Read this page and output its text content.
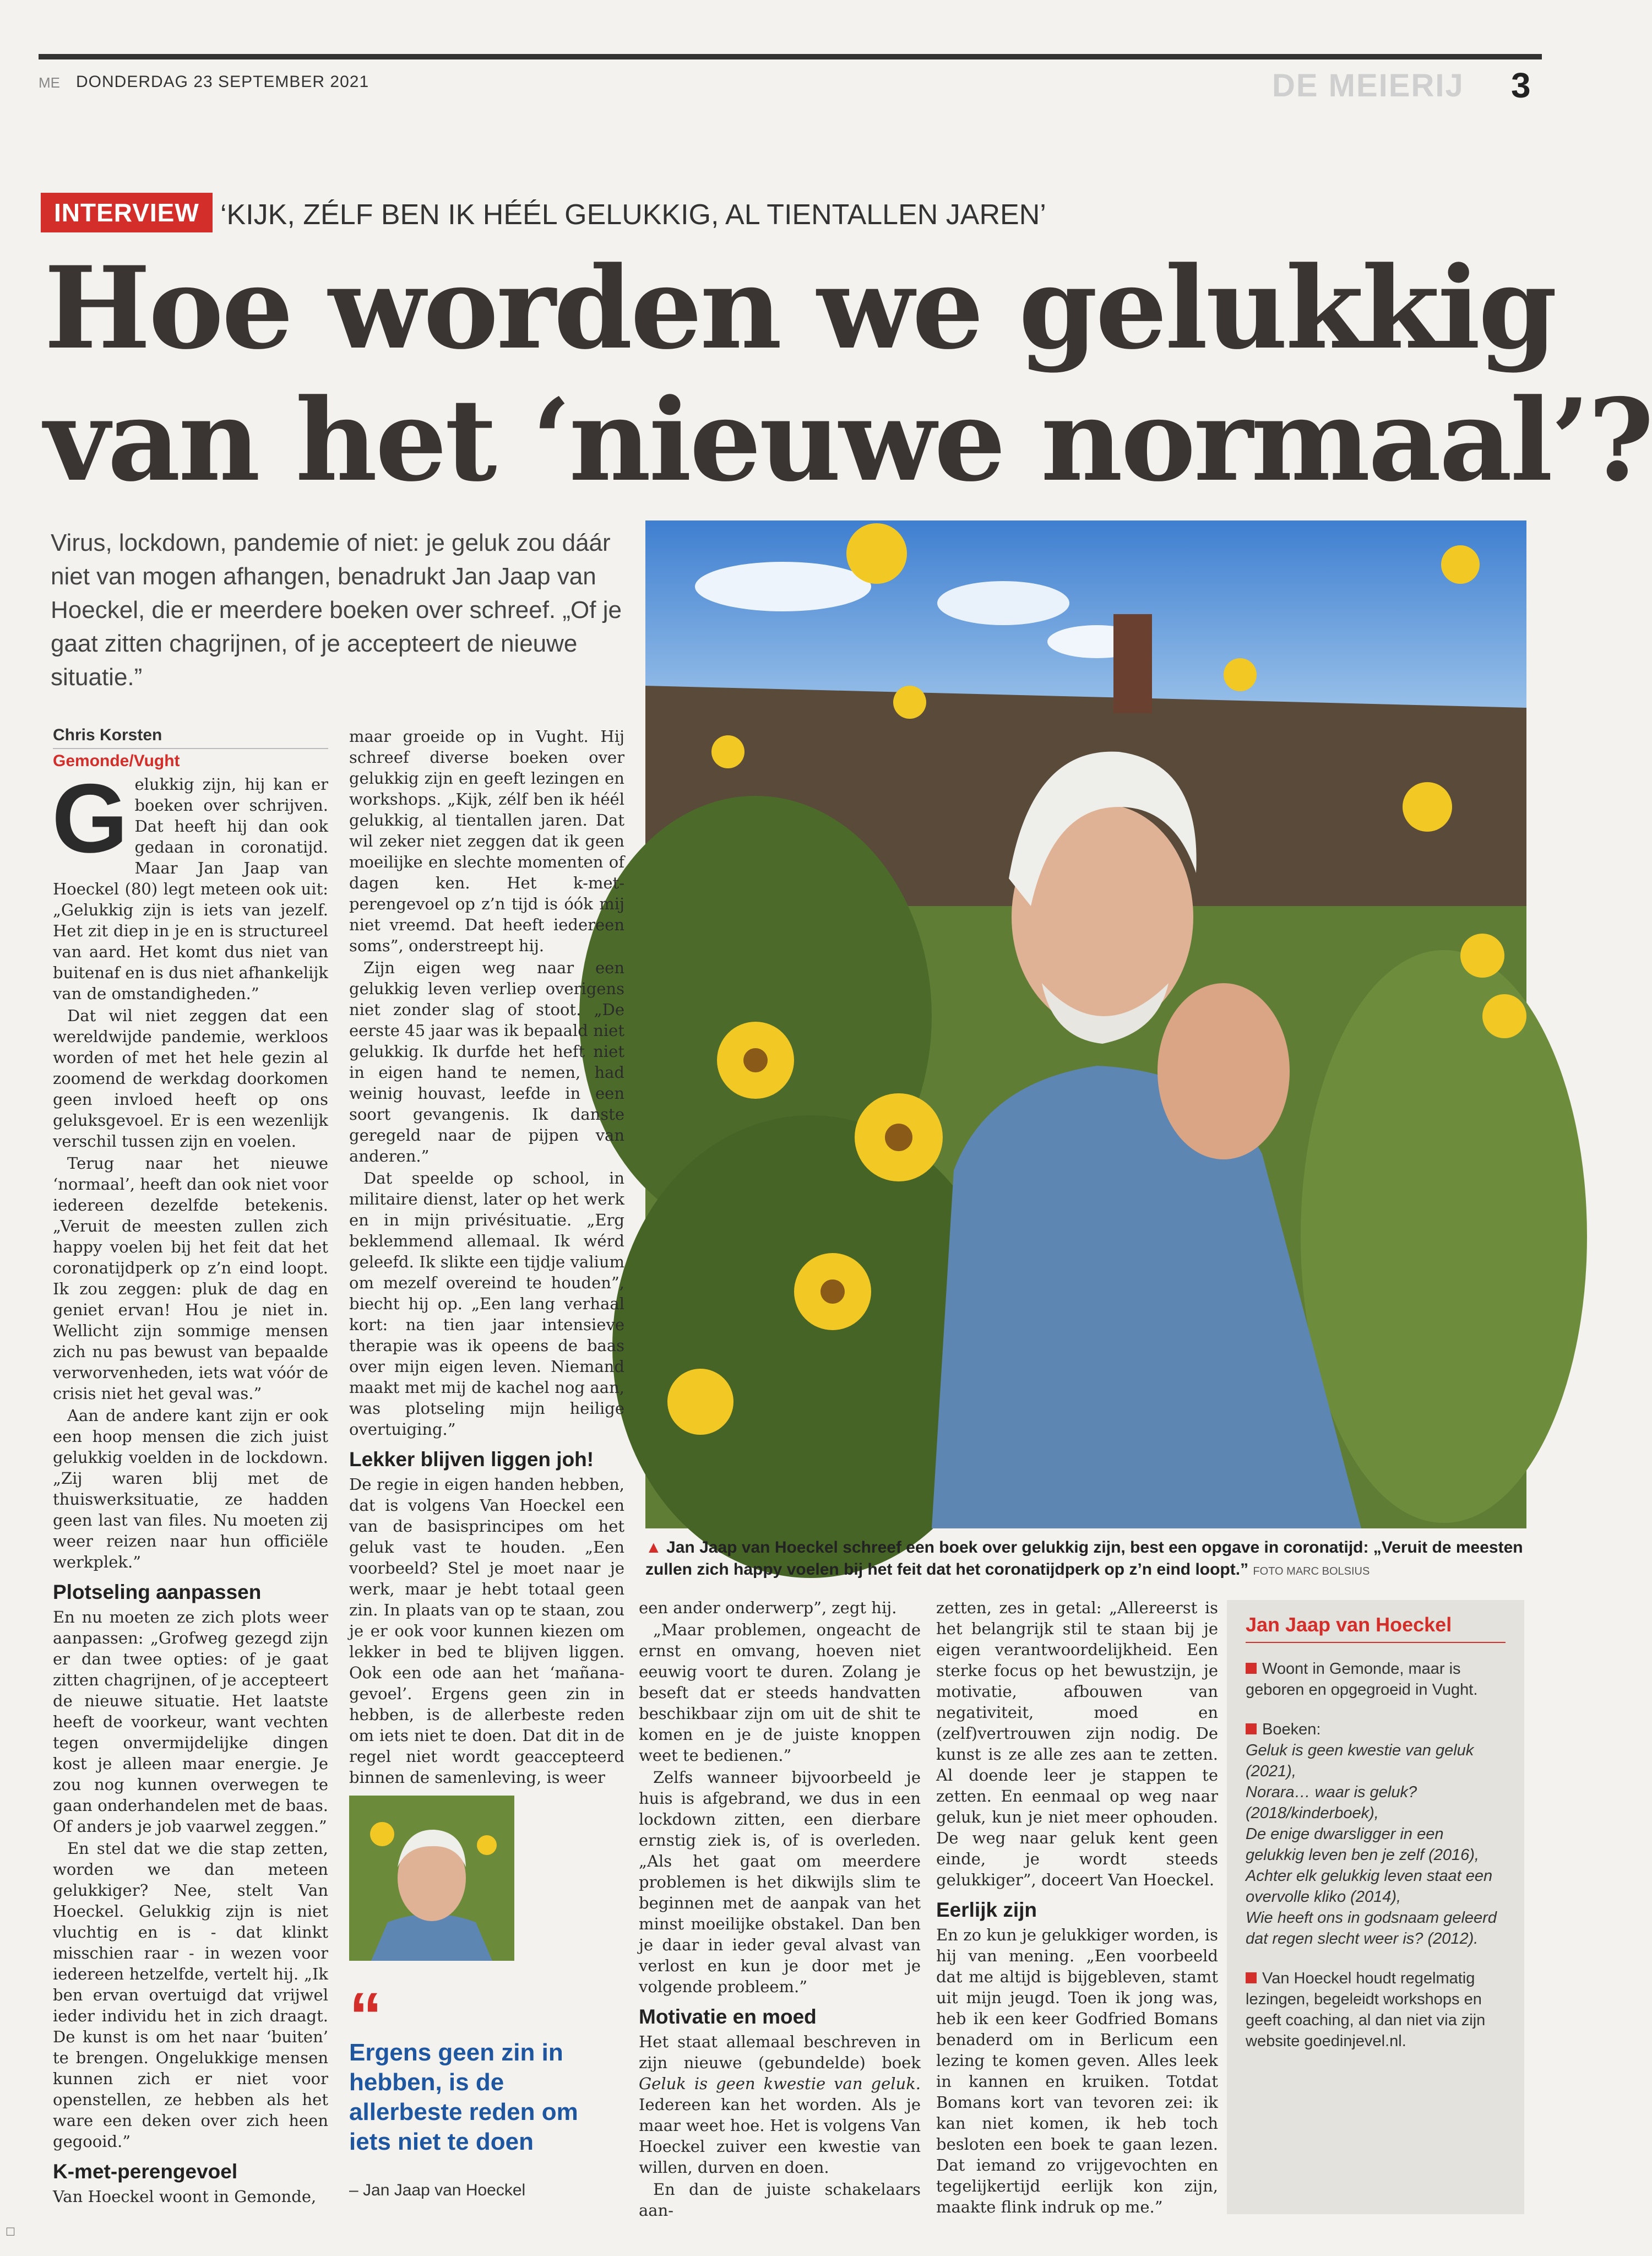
ME DONDERDAG 23 SEPTEMBER 2021	DE MEIERIJ 3
INTERVIEW ‘KIJK, ZÉLF BEN IK HÉÉL GELUKKIG, AL TIENTALLEN JAREN’
Hoe worden we gelukkig
van het ‘nieuwe normaal’?
Virus, lockdown, pandemie of niet: je geluk zou dáár niet van mogen afhangen, benadrukt Jan Jaap van Hoeckel, die er meerdere boeken over schreef. „Of je gaat zitten chagrijnen, of je accepteert de nieuwe situatie.”
▲ Jan Jaap van Hoeckel schreef een boek over gelukkig zijn, best een opgave in coronatijd: „Veruit de meesten zullen zich happy voelen bij het feit dat het coronatijdperk op z’n eind loopt.” FOTO MARC BOLSIUS
Chris Korsten
Gemonde/Vught

Gelukkig zijn, hij kan er boeken over schrijven. Dat heeft hij dan ook gedaan in coronatijd. Maar Jan Jaap van Hoeckel (80) legt meteen ook uit: „Gelukkig zijn is iets van jezelf. Het zit diep in je en is structureel van aard. Het komt dus niet van buitenaf en is dus niet afhankelijk van de omstandigheden.”

Dat wil niet zeggen dat een wereldwijde pandemie, werkloos worden of met het hele gezin al zoomend de werkdag doorkomen geen invloed heeft op ons geluksgevoel. Er is een wezenlijk verschil tussen zijn en voelen.

Terug naar het nieuwe ‘normaal’, heeft dan ook niet voor iedereen dezelfde betekenis. „Veruit de meesten zullen zich happy voelen bij het feit dat het coronatijdperk op z’n eind loopt. Ik zou zeggen: pluk de dag en geniet ervan! Hou je niet in. Wellicht zijn sommige mensen zich nu pas bewust van bepaalde verworvenheden, iets wat vóór de crisis niet het geval was.”

Aan de andere kant zijn er ook een hoop mensen die zich juist gelukkig voelden in de lockdown. „Zij waren blij met de thuiswerksituatie, ze hadden geen last van files. Nu moeten zij weer reizen naar hun officiële werkplek.”

Plotseling aanpassen

En nu moeten ze zich plots weer aanpassen: „Grofweg gezegd zijn er dan twee opties: of je gaat zitten chagrijnen, of je accepteert de nieuwe situatie. Het laatste heeft de voorkeur, want vechten tegen onvermijdelijke dingen kost je alleen maar energie. Je zou nog kunnen overwegen te gaan onderhandelen met de baas. Of anders je job vaarwel zeggen.”

En stel dat we die stap zetten, worden we dan meteen gelukkiger? Nee, stelt Van Hoeckel. Gelukkig zijn is niet vluchtig en is - dat klinkt misschien raar - in wezen voor iedereen hetzelfde, vertelt hij. „Ik ben ervan overtuigd dat vrijwel ieder individu het in zich draagt. De kunst is om het naar ‘buiten’ te brengen. Ongelukkige mensen kunnen zich er niet voor openstellen, ze hebben als het ware een deken over zich heen gegooid.”

K-met-perengevoel

Van Hoeckel woont in Gemonde,

maar groeide op in Vught. Hij schreef diverse boeken over gelukkig zijn en geeft lezingen en workshops. „Kijk, zélf ben ik héél gelukkig, al tientallen jaren. Dat wil zeker niet zeggen dat ik geen moeilijke en slechte momenten of dagen ken. Het k-met-perengevoel op z’n tijd is óók mij niet vreemd. Dat heeft iedereen soms”, onderstreept hij.

Zijn eigen weg naar een gelukkig leven verliep overigens niet zonder slag of stoot. „De eerste 45 jaar was ik bepaald niet gelukkig. Ik durfde het heft niet in eigen hand te nemen, had weinig houvast, leefde in een soort gevangenis. Ik danste geregeld naar de pijpen van anderen.”

Dat speelde op school, in militaire dienst, later op het werk en in mijn privésituatie. „Erg beklemmend allemaal. Ik wérd geleefd. Ik slikte een tijdje valium om mezelf overeind te houden”, biecht hij op. „Een lang verhaal kort: na tien jaar intensieve therapie was ik opeens de baas over mijn eigen leven. Niemand maakt met mij de kachel nog aan, was plotseling mijn heilige overtuiging.”

Lekker blijven liggen joh!

De regie in eigen handen hebben, dat is volgens Van Hoeckel een van de basisprincipes om het geluk vast te houden. „Een voorbeeld? Stel je moet naar je werk, maar je hebt totaal geen zin. In plaats van op te staan, zou je er ook voor kunnen kiezen om lekker in bed te blijven liggen. Ook een ode aan het ‘mañana-gevoel’. Ergens geen zin in hebben, is de allerbeste reden om iets niet te doen. Dat dit in de regel niet wordt geaccepteerd binnen de samenleving, is weer

“
Ergens geen zin in hebben, is de allerbeste reden om iets niet te doen
– Jan Jaap van Hoeckel

een ander onderwerp”, zegt hij.

„Maar problemen, ongeacht de ernst en omvang, hoeven niet eeuwig voort te duren. Zolang je beseft dat er steeds handvatten beschikbaar zijn om uit de shit te komen en je de juiste knoppen weet te bedienen.”

Zelfs wanneer bijvoorbeeld je huis is afgebrand, we dus in een lockdown zitten, een dierbare ernstig ziek is, of is overleden. „Als het gaat om meerdere problemen is het dikwijls slim te beginnen met de aanpak van het minst moeilijke obstakel. Dan ben je daar in ieder geval alvast van verlost en kun je door met je volgende probleem.”

Motivatie en moed

Het staat allemaal beschreven in zijn nieuwe (gebundelde) boek Geluk is geen kwestie van geluk. Iedereen kan het worden. Als je maar weet hoe. Het is volgens Van Hoeckel zuiver een kwestie van willen, durven en doen.

En dan de juiste schakelaars aan-

zetten, zes in getal: „Allereerst is het belangrijk stil te staan bij je eigen verantwoordelijkheid. Een sterke focus op het bewustzijn, je motivatie, afbouwen van negativiteit, moed en (zelf)vertrouwen zijn nodig. De kunst is ze alle zes aan te zetten. Al doende leer je stappen te zetten. En eenmaal op weg naar geluk, kun je niet meer ophouden. De weg naar geluk kent geen einde, je wordt steeds gelukkiger”, doceert Van Hoeckel.

Eerlijk zijn

En zo kun je gelukkiger worden, is hij van mening. „Een voorbeeld dat me altijd is bijgebleven, stamt uit mijn jeugd. Toen ik jong was, heb ik een keer Godfried Bomans benaderd om in Berlicum een lezing te komen geven. Alles leek in kannen en kruiken. Totdat Bomans kort van tevoren zei: ik kan niet komen, ik heb toch besloten een boek te gaan lezen. Dat iemand zo vrijgevochten en tegelijkertijd eerlijk kon zijn, maakte flink indruk op me.”

Jan Jaap van Hoeckel
Woont in Gemonde, maar is geboren en opgegroeid in Vught.
Boeken:
Geluk is geen kwestie van geluk (2021),
Norara… waar is geluk? (2018/kinderboek),
De enige dwarsligger in een gelukkig leven ben je zelf (2016),
Achter elk gelukkig leven staat een overvolle kliko (2014),
Wie heeft ons in godsnaam geleerd dat regen slecht weer is? (2012).
Van Hoeckel houdt regelmatig lezingen, begeleidt workshops en geeft coaching, al dan niet via zijn website goedinjevel.nl.
☐
